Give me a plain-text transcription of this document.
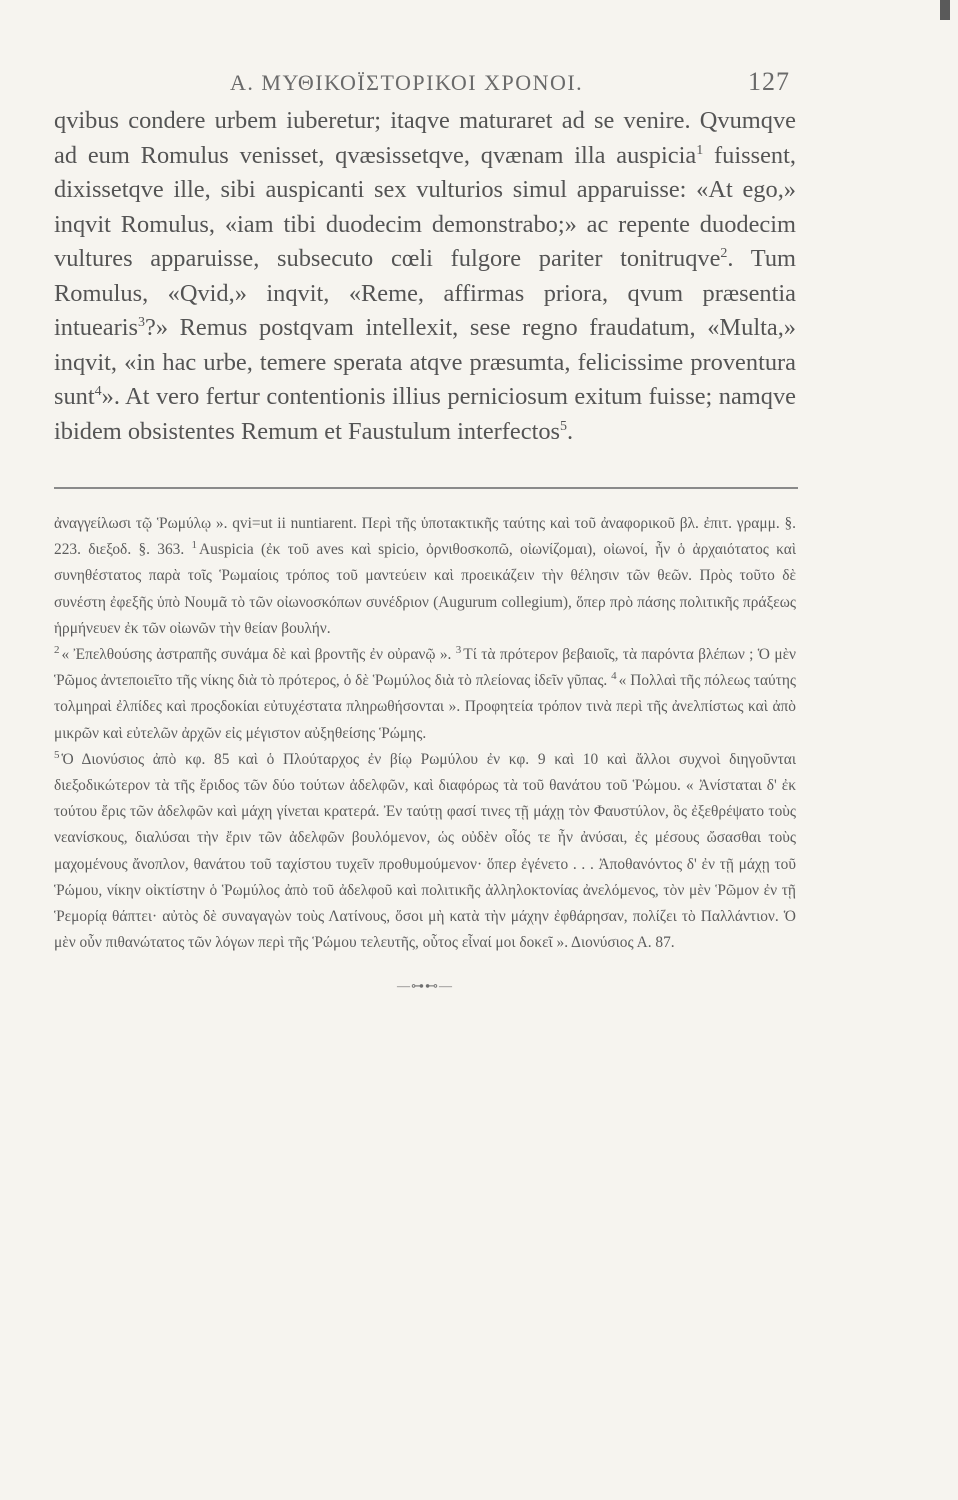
Α. ΜΥΘΙΚΟΪΣΤΟΡΙΚΟΙ ΧΡΟΝΟΙ.	127

qvibus condere urbem iuberetur; itaqve maturaret ad se venire. Qvumqve ad eum Romulus venisset, qvæsissetqve, qvænam illa auspicia$^1$ fuissent, dixissetqve ille, sibi auspicanti sex vulturios simul apparuisse: «At ego,» inqvit Romulus, «iam tibi duodecim demonstrabo;» ac repente duodecim vultures apparuisse, subsecuto cœli fulgore pariter tonitruqve$^2$. Tum Romulus, «Qvid,» inqvit, «Reme, affirmas priora, qvum præsentia intuearis$^3$?» Remus postqvam intellexit, sese regno fraudatum, «Multa,» inqvit, «in hac urbe, temere sperata atqve præsumta, felicissime proventura sunt$^4$». At vero fertur contentionis illius perniciosum exitum fuisse; namqve ibidem obsistentes Remum et Faustulum interfectos$^5$.

ἀναγγείλωσι τῷ Ῥωμύλῳ ». qvi=ut ii nuntiarent. Περὶ τῆς ὑποτακτικῆς ταύτης καὶ τοῦ ἀναφορικοῦ βλ. ἐπιτ. γραμμ. §. 223. διεξοδ. §. 363. $^1$ Auspicia (ἐκ τοῦ aves καὶ spicio, ὀρνιθοσκοπῶ, οἰωνίζομαι), οἰωνοί, ἦν ὁ ἀρχαιότατος καὶ συνηθέστατος παρὰ τοῖς Ῥωμαίοις τρόπος τοῦ μαντεύειν καὶ προεικάζειν τὴν θέλησιν τῶν θεῶν. Πρὸς τοῦτο δὲ συνέστη ἐφεξῆς ὑπὸ Νουμᾶ τὸ τῶν οἰωνοσκόπων συνέδριον (Augurum collegium), ὅπερ πρὸ πάσης πολιτικῆς πράξεως ἡρμήνευεν ἐκ τῶν οἰωνῶν τὴν θείαν βουλήν.

$^2$ « Ἐπελθούσης ἀστραπῆς συνάμα δὲ καὶ βροντῆς ἐν οὐρανῷ ». $^3$ Τί τὰ πρότερον βεβαιοῖς, τὰ παρόντα βλέπων ; Ὁ μὲν Ῥῶμος ἀντεποιεῖτο τῆς νίκης διὰ τὸ πρότερος, ὁ δὲ Ῥωμύλος διὰ τὸ πλείονας ἰδεῖν γῦπας. $^4$ « Πολλαὶ τῆς πόλεως ταύτης τολμηραὶ ἐλπίδες καὶ προςδοκίαι εὐτυχέστατα πληρωθήσονται ». Προφητεία τρόπον τινὰ περὶ τῆς ἀνελπίστως καὶ ἀπὸ μικρῶν καὶ εὐτελῶν ἀρχῶν εἰς μέγιστον αὐξηθείσης Ῥώμης.

$^5$ Ὁ Διονύσιος ἀπὸ κφ. 85 καὶ ὁ Πλούταρχος ἐν βίῳ Ρωμύλου ἐν κφ. 9 καὶ 10 καὶ ἄλλοι συχνοὶ διηγοῦνται διεξοδικώτερον τὰ τῆς ἔριδος τῶν δύο τούτων ἀδελφῶν, καὶ διαφόρως τὰ τοῦ θανάτου τοῦ Ῥώμου. « Ἀνίσταται δ' ἐκ τούτου ἔρις τῶν ἀδελφῶν καὶ μάχη γίνεται κρατερά. Ἐν ταύτῃ φασί τινες τῇ μάχῃ τὸν Φαυστύλον, ὃς ἐξεθρέψατο τοὺς νεανίσκους, διαλύσαι τὴν ἔριν τῶν ἀδελφῶν βουλόμενον, ὡς οὐδὲν οἷός τε ἦν ἀνύσαι, ἐς μέσους ὤσασθαι τοὺς μαχομένους ἄνοπλον, θανάτου τοῦ ταχίστου τυχεῖν προθυμούμενον· ὅπερ ἐγένετο . . . Ἀποθανόντος δ' ἐν τῇ μάχῃ τοῦ Ῥώμου, νίκην οἰκτίστην ὁ Ῥωμύλος ἀπὸ τοῦ ἀδελφοῦ καὶ πολιτικῆς ἀλληλοκτονίας ἀνελόμενος, τὸν μὲν Ῥῶμον ἐν τῇ Ῥεμορίᾳ θάπτει· αὐτὸς δὲ συναγαγὼν τοὺς Λατίνους, ὅσοι μὴ κατὰ τὴν μάχην ἐφθάρησαν, πολίζει τὸ Παλλάντιον. Ὁ μὲν οὖν πιθανώτατος τῶν λόγων περὶ τῆς Ῥώμου τελευτῆς, οὗτος εἶναί μοι δοκεῖ ». Διονύσιος Α. 87.

—⊶⊷—
